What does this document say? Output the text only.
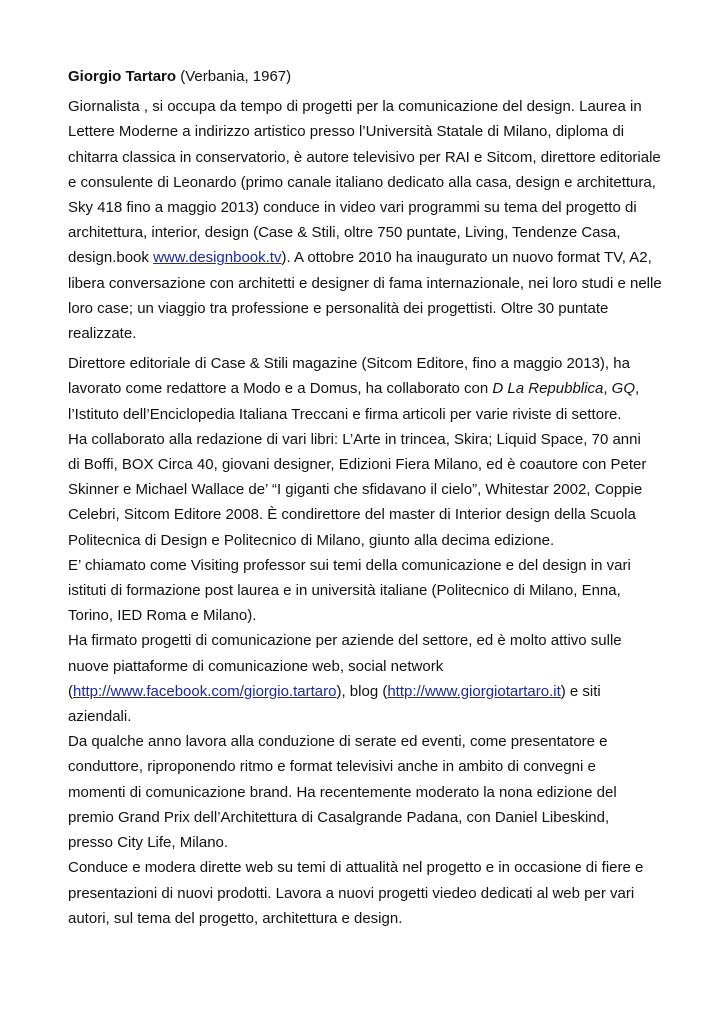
Giorgio Tartaro (Verbania, 1967)
Giornalista , si occupa da tempo di progetti per la comunicazione del design. Laurea in
Lettere Moderne a indirizzo artistico presso l’Università Statale di Milano, diploma di
chitarra classica in conservatorio, è autore televisivo per RAI e Sitcom, direttore editoriale
e consulente di Leonardo (primo canale italiano dedicato alla casa, design e architettura,
Sky 418 fino a maggio 2013) conduce in video vari programmi su tema del progetto di
architettura, interior, design (Case & Stili, oltre 750 puntate, Living, Tendenze Casa,
design.book www.designbook.tv). A ottobre 2010 ha inaugurato un nuovo format TV, A2,
libera conversazione con architetti e designer di fama internazionale, nei loro studi e nelle
loro case; un viaggio tra professione e personalità dei progettisti. Oltre 30 puntate
realizzate.
Direttore editoriale di Case & Stili magazine (Sitcom Editore, fino a maggio 2013), ha
lavorato come redattore a Modo e a Domus, ha collaborato con D La Repubblica, GQ,
l’Istituto dell’Enciclopedia Italiana Treccani e firma articoli per varie riviste di settore.
Ha collaborato alla redazione di vari libri: L’Arte in trincea, Skira; Liquid Space, 70 anni
di Boffi, BOX Circa 40, giovani designer, Edizioni Fiera Milano, ed è coautore con Peter
Skinner e Michael Wallace de’ “I giganti che sfidavano il cielo”, Whitestar 2002, Coppie
Celebri, Sitcom Editore 2008. È condirettore del master di Interior design della Scuola
Politecnica di Design e Politecnico di Milano, giunto alla decima edizione.
E’ chiamato come Visiting professor sui temi della comunicazione e del design in vari
istituti di formazione post laurea e in università italiane (Politecnico di Milano, Enna,
Torino, IED Roma e Milano).
Ha firmato progetti di comunicazione per aziende del settore, ed è molto attivo sulle
nuove piattaforme di comunicazione web, social network
(http://www.facebook.com/giorgio.tartaro), blog (http://www.giorgiotartaro.it) e siti
aziendali.
Da qualche anno lavora alla conduzione di serate ed eventi, come presentatore e
conduttore, riproponendo ritmo e format televisivi anche in ambito di convegni e
momenti di comunicazione brand. Ha recentemente moderato la nona edizione del
premio Grand Prix dell’Architettura di Casalgrande Padana, con Daniel Libeskind,
presso City Life, Milano.
Conduce e modera dirette web su temi di attualità nel progetto e in occasione di fiere e
presentazioni di nuovi prodotti. Lavora a nuovi progetti viedeo dedicati al web per vari
autori, sul tema del progetto, architettura e design.
